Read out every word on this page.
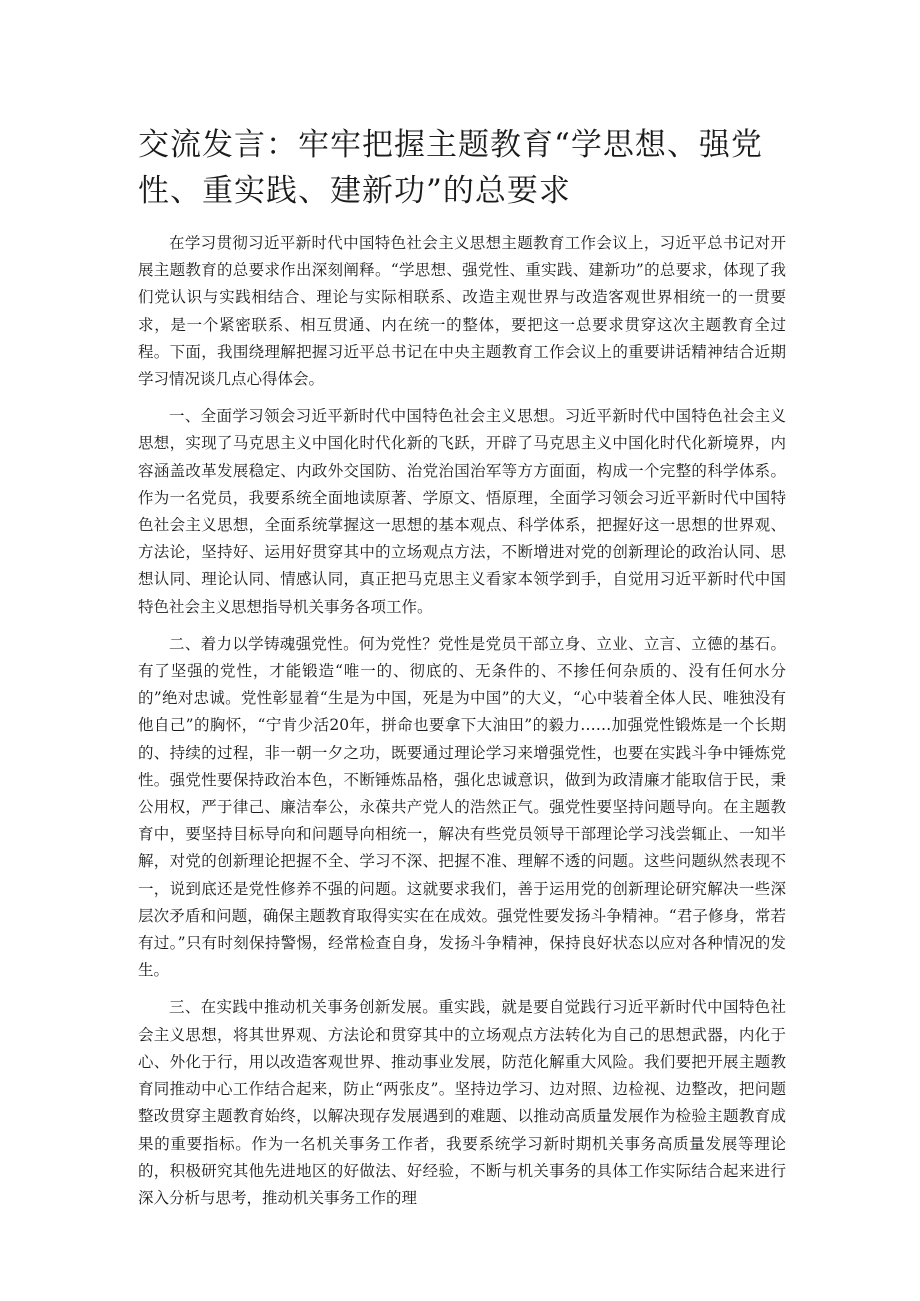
交流发言：牢牢把握主题教育“学思想、强党性、重实践、建新功”的总要求

在学习贯彻习近平新时代中国特色社会主义思想主题教育工作会议上，习近平总书记对开展主题教育的总要求作出深刻阐释。“学思想、强党性、重实践、建新功”的总要求，体现了我们党认识与实践相结合、理论与实际相联系、改造主观世界与改造客观世界相统一的一贯要求，是一个紧密联系、相互贯通、内在统一的整体，要把这一总要求贯穿这次主题教育全过程。下面，我围绕理解把握习近平总书记在中央主题教育工作会议上的重要讲话精神结合近期学习情况谈几点心得体会。

一、全面学习领会习近平新时代中国特色社会主义思想。习近平新时代中国特色社会主义思想，实现了马克思主义中国化时代化新的飞跃，开辟了马克思主义中国化时代化新境界，内容涵盖改革发展稳定、内政外交国防、治党治国治军等方方面面，构成一个完整的科学体系。作为一名党员，我要系统全面地读原著、学原文、悟原理，全面学习领会习近平新时代中国特色社会主义思想，全面系统掌握这一思想的基本观点、科学体系，把握好这一思想的世界观、方法论，坚持好、运用好贯穿其中的立场观点方法，不断增进对党的创新理论的政治认同、思想认同、理论认同、情感认同，真正把马克思主义看家本领学到手，自觉用习近平新时代中国特色社会主义思想指导机关事务各项工作。

二、着力以学铸魂强党性。何为党性？党性是党员干部立身、立业、立言、立德的基石。有了坚强的党性，才能锻造“唯一的、彻底的、无条件的、不掺任何杂质的、没有任何水分的”绝对忠诚。党性彰显着“生是为中国，死是为中国”的大义，“心中装着全体人民、唯独没有他自己”的胸怀，“宁肯少活20年，拼命也要拿下大油田”的毅力……加强党性锻炼是一个长期的、持续的过程，非一朝一夕之功，既要通过理论学习来增强党性，也要在实践斗争中锤炼党性。强党性要保持政治本色，不断锤炼品格，强化忠诚意识，做到为政清廉才能取信于民，秉公用权，严于律己、廉洁奉公，永葆共产党人的浩然正气。强党性要坚持问题导向。在主题教育中，要坚持目标导向和问题导向相统一，解决有些党员领导干部理论学习浅尝辄止、一知半解，对党的创新理论把握不全、学习不深、把握不准、理解不透的问题。这些问题纵然表现不一，说到底还是党性修养不强的问题。这就要求我们，善于运用党的创新理论研究解决一些深层次矛盾和问题，确保主题教育取得实实在在成效。强党性要发扬斗争精神。“君子修身，常若有过。”只有时刻保持警惕，经常检查自身，发扬斗争精神，保持良好状态以应对各种情况的发生。

三、在实践中推动机关事务创新发展。重实践，就是要自觉践行习近平新时代中国特色社会主义思想，将其世界观、方法论和贯穿其中的立场观点方法转化为自己的思想武器，内化于心、外化于行，用以改造客观世界、推动事业发展，防范化解重大风险。我们要把开展主题教育同推动中心工作结合起来，防止“两张皮”。坚持边学习、边对照、边检视、边整改，把问题整改贯穿主题教育始终，以解决现存发展遇到的难题、以推动高质量发展作为检验主题教育成果的重要指标。作为一名机关事务工作者，我要系统学习新时期机关事务高质量发展等理论的，积极研究其他先进地区的好做法、好经验，不断与机关事务的具体工作实际结合起来进行深入分析与思考，推动机关事务工作的理
